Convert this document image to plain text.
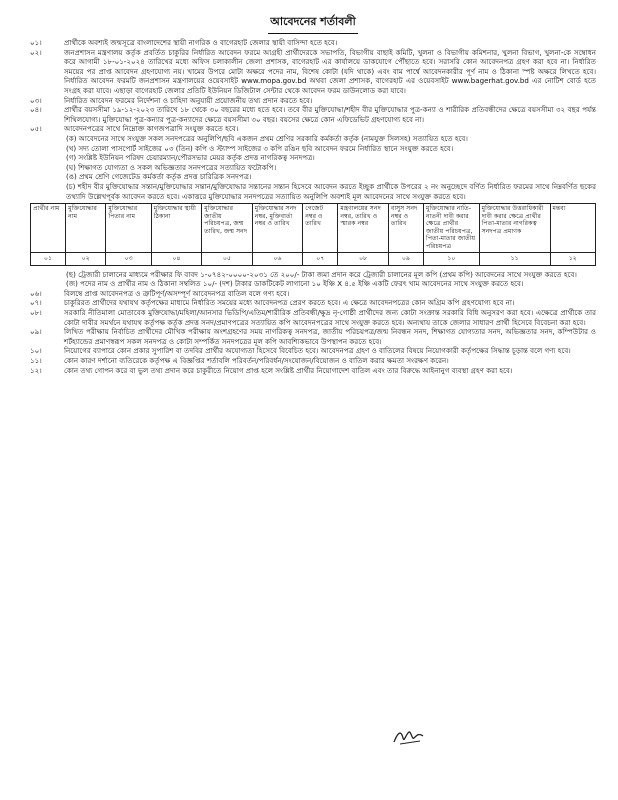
আবেদনের শর্তাবলী
০১।	প্রার্থীকে অবশ্যই জন্মসূত্রে বাংলাদেশের স্থায়ী নাগরিক ও বাগেরহাট জেলার স্থায়ী বাসিন্দা হতে হবে।
০২।	জনপ্রশাসন মন্ত্রণালয় কর্তৃক প্রবর্তিত চাকুরির নির্ধারিত আবেদন ফরমে আগ্রহী প্রার্থীদেরকে সভাপতি, বিভাগীয় বাছাই কমিটি, খুলনা ও বিভাগীয় কমিশনার, খুলনা বিভাগ, খুলনা-কে সম্বোধন করে আগামী ১৮-০১-২০২৪ তারিখের মধ্যে অফিস চলাকালীন জেলা প্রশাসক, বাগেরহাট এর কার্যালয়ে ডাকযোগে পৌঁছাতে হবে। সরাসরি কোন আবেদনপত্র গ্রহণ করা হবে না। নির্ধারিত সময়ের পর প্রাপ্ত আবেদন গ্রহণযোগ্য নয়। খামের উপরে মোটা অক্ষরে পদের নাম, বিশেষ কোটা (যদি থাকে) এবং বাম পার্শ্বে আবেদনকারীর পূর্ণ নাম ও ঠিকানা স্পষ্ট অক্ষরে লিখতে হবে। নির্ধারিত আবেদন ফরমটি জনপ্রশাসন মন্ত্রণালয়ের ওয়েবসাইট www.mopa.gov.bd অথবা জেলা প্রশাসক, বাগেরহাট এর ওয়েবসাইট www.bagerhat.gov.bd এর নোটিশ বোর্ড হতে সংগ্রহ করা যাবে। এছাড়া বাগেরহাট জেলার প্রতিটি ইউনিয়ন ডিজিটাল সেন্টার থেকে আবেদন ফরম ডাউনলোড করা যাবে।
০৩।	নির্ধারিত আবেদন ফরমের নির্দেশনা ও চাহিদা অনুযায়ী প্রয়োজনীয় তথ্য প্রদান করতে হবে।
০৪।	প্রার্থীর বয়সসীমা ১৯-১২-২০২৩ তারিখে ১৮ থেকে ৩০ বছরের মধ্যে হতে হবে। তবে বীর মুক্তিযোদ্ধা/শহীদ বীর মুক্তিযোদ্ধার পুত্র-কন্যা ও শারীরিক প্রতিবন্ধীদের ক্ষেত্রে বয়সসীমা ৩২ বছর পর্যন্ত শিথিলযোগ্য। মুক্তিযোদ্ধা পুত্র-কন্যার পুত্র-কন্যাদের ক্ষেত্রে বয়সসীমা ৩০ বছর। বয়সের ক্ষেত্রে কোন এফিডেভিট গ্রহণযোগ্য হবে না।
০৫।	আবেদনপত্রের সাথে নিম্নোক্ত কাগজপত্রাদি সংযুক্ত করতে হবে।
(ক) আবেদনের সাথে সংযুক্ত সকল সনদপত্রের অনুলিপি/ছবি একজন প্রথম শ্রেণির সরকারি কর্মকর্তা কর্তৃক (নামযুক্ত সিলসহ) সত্যায়িত হতে হবে।
(খ) সদ্য তোলা পাসপোর্ট সাইজের ০৩ (তিন) কপি ও স্ট্যাম্প সাইজের ৩ কপি রঙিন ছবি আবেদন ফরমে নির্ধারিত স্থানে সংযুক্ত করতে হবে।
(গ) সংশ্লিষ্ট ইউনিয়ন পরিষদ চেয়ারম্যান/পৌরসভার মেয়র কর্তৃক প্রদত্ত নাগরিকত্ব সনদপত্র।
(ঘ) শিক্ষাগত যোগ্যতা ও সকল অভিজ্ঞতার সনদপত্রের সত্যায়িত ফটোকপি।
(ঙ) প্রথম শ্রেণি গেজেটেড কর্মকর্তা কর্তৃক প্রদত্ত চারিত্রিক সনদপত্র।
(চ) শহীদ বীর মুক্তিযোদ্ধার সন্তান/মুক্তিযোদ্ধার সন্তান/মুক্তিযোদ্ধার সন্তানের সন্তান হিসেবে আবেদন করতে ইচ্ছুক প্রার্থীকে উপরের ২ নং অনুচ্ছেদে বর্ণিত নির্ধারিত ফরমের সাথে নিম্নবর্ণিত ছকের তথ্যাদি উল্লেখপূর্বক আবেদন করতে হবে। একাত্তরে মুক্তিযোদ্ধার সনদপত্রের সত্যায়িত অনুলিপি অবশ্যই মূল আবেদনের সাথে সংযুক্ত করতে হবে।
প্রার্থীর নাম	মুক্তিযোদ্ধার নাম	মুক্তিযোদ্ধার পিতার নাম	মুক্তিযোদ্ধার স্থায়ী ঠিকানা	মুক্তিযোদ্ধার জাতীয় পরিচয়পত্র, জন্ম তারিখ, জন্ম সনদ	মুক্তিযোদ্ধার সনদ নম্বর, মুক্তিবার্তা নম্বর ও তারিখ	গেজেট নম্বর ও তারিখ	মন্ত্রণালয়ের সনদ নম্বর, তারিখ ও স্মারক নম্বর	বাসুস সনদ নম্বর ও তারিখ	মুক্তিযোদ্ধার নাতি-নাতনী দাবী করার ক্ষেত্রে প্রার্থীর জাতীয় পরিচয়পত্র, পিতা-মাতার জাতীয় পরিচয়পত্র	মুক্তিযোদ্ধার উত্তরাধিকারী দাবী করার ক্ষেত্রে প্রার্থীর পিতা-মাতার নাগরিকত্ব সনদপত্র প্রমাণক	মন্তব্য
০১	০২	০৩	০৪	০৫	০৬	০৭	০৮	০৯	১০	১১	১২
(ছ) ট্রেজারী চালানের মাধ্যমে পরীক্ষার ফি বাবদ ১-০৭৪২-০০০০-২০৩১ তে ২০০/- টাকা জমা প্রদান করে ট্রেজারী চালানের মূল কপি (প্রথম কপি) আবেদনের সাথে সংযুক্ত করতে হবে।
(জ) পদের নাম ও প্রার্থীর নাম ও ঠিকানা সম্বলিত ১০/- (দশ) টাকার ডাকটিকেট লাগানো ১০ ইঞ্চি X ৪.৫ ইঞ্চি একটি ফেরৎ খাম আবেদনের সাথে সংযুক্ত করতে হবে।
০৬।	বিলম্বে প্রাপ্ত আবেদনপত্র ও ত্রুটিপূর্ণ/অসম্পূর্ণ আবেদনপত্র বাতিল বলে গণ্য হবে।
০৭।	চাকুরিরত প্রার্থীদের যথাযথ কর্তৃপক্ষের মাধ্যমে নির্ধারিত সময়ের মধ্যে আবেদনপত্র প্রেরণ করতে হবে। এ ক্ষেত্রে আবেদনপত্রের কোন অগ্রিম কপি গ্রহণযোগ্য হবে না।
০৮।	সরকারি নীতিমালা মোতাবেক মুক্তিযোদ্ধা/মহিলা/আনসার ভিডিপি/এতিম/শারীরিক প্রতিবন্ধী/ক্ষুদ্র নৃ-গোষ্ঠী প্রার্থীদের জন্য কোটা সংক্রান্ত সরকারি বিধি অনুসরণ করা হবে। এক্ষেত্রে প্রার্থীকে তার কোটা দাবীর সমর্থনে যথাযথ কর্তৃপক্ষ কর্তৃক প্রদত্ত সনদ/প্রমাণপত্রের সত্যায়িত কপি আবেদনপত্রের সাথে সংযুক্ত করতে হবে। অন্যথায় তাকে জেলার সাধারণ প্রার্থী হিসেবে বিবেচনা করা হবে।
০৯।	লিখিত পরীক্ষায় নির্বাচিত প্রার্থীদের মৌখিক পরীক্ষায় অংশগ্রহণের সময় নাগরিকত্ব সনদপত্র, জাতীয় পরিচয়পত্র/জন্ম নিবন্ধন সনদ, শিক্ষাগত যোগ্যতার সনদ, অভিজ্ঞতার সনদ, কম্পিউটার ও শর্টহ্যান্ডের প্রমাণস্বরূপ সকল সনদপত্র ও কোটা সম্পর্কিত সনদপত্রের মূল কপি আবশ্যিকভাবে উপস্থাপন করতে হবে।
১০।	নিয়োগের ব্যাপারে কোন প্রকার সুপারিশ বা তদবির প্রার্থীর অযোগ্যতা হিসেবে বিবেচিত হবে। আবেদনপত্র গ্রহণ ও বাতিলের বিষয়ে নিয়োগকারী কর্তৃপক্ষের সিদ্ধান্ত চূড়ান্ত বলে গণ্য হবে।
১১।	কোন কারণ দর্শানো ব্যতিরেকে কর্তৃপক্ষ এ বিজ্ঞপ্তির শর্তাবলি পরিবর্তন/পরিবর্ধন/সংযোজন/বিয়োজন ও বাতিল করার ক্ষমতা সংরক্ষণ করেন।
১২।	কোন তথ্য গোপন করে বা ভুল তথ্য প্রদান করে চাকুরীতে নিয়োগ প্রাপ্ত হলে সংশ্লিষ্ট প্রার্থীর নিয়োগাদেশ বাতিল এবং তার বিরুদ্ধে আইনানুগ ব্যবস্থা গ্রহণ করা হবে।
